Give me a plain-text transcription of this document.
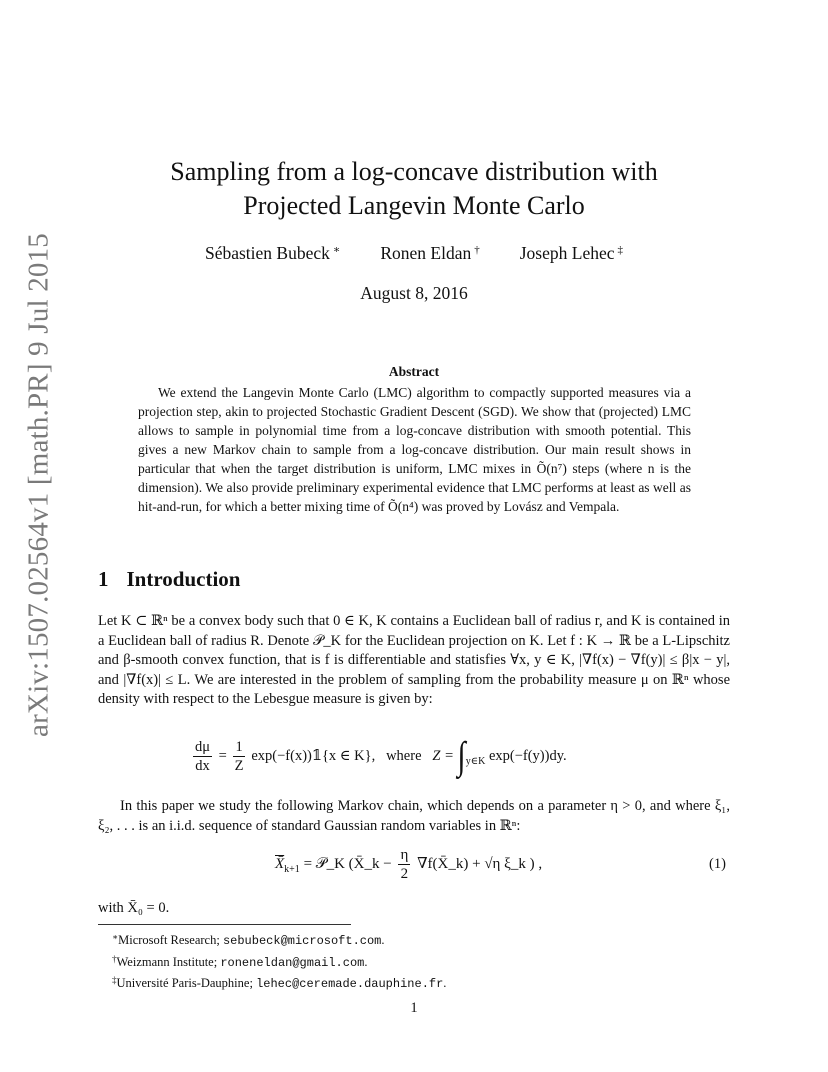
arXiv:1507.02564v1 [math.PR] 9 Jul 2015
Sampling from a log-concave distribution with
Projected Langevin Monte Carlo
Sébastien Bubeck ∗ Ronen Eldan † Joseph Lehec ‡
August 8, 2016
Abstract
We extend the Langevin Monte Carlo (LMC) algorithm to compactly supported measures via a projection step, akin to projected Stochastic Gradient Descent (SGD). We show that (projected) LMC allows to sample in polynomial time from a log-concave distribution with smooth potential. This gives a new Markov chain to sample from a log-concave distribution. Our main result shows in particular that when the target distribution is uniform, LMC mixes in Õ(n⁷) steps (where n is the dimension). We also provide preliminary experimental evidence that LMC performs at least as well as hit-and-run, for which a better mixing time of Õ(n⁴) was proved by Lovász and Vempala.
1 Introduction
Let K ⊂ ℝⁿ be a convex body such that 0 ∈ K, K contains a Euclidean ball of radius r, and K is contained in a Euclidean ball of radius R. Denote 𝒫_K for the Euclidean projection on K. Let f : K → ℝ be a L-Lipschitz and β-smooth convex function, that is f is differentiable and statisfies ∀x, y ∈ K, |∇f(x) − ∇f(y)| ≤ β|x − y|, and |∇f(x)| ≤ L. We are interested in the problem of sampling from the probability measure μ on ℝⁿ whose density with respect to the Lebesgue measure is given by:
$\frac{d\mu}{dx} = \frac{1}{Z}$ exp(−f(x))𝟙{x ∈ K}, where $Z = \int_{y\in K}$ exp(−f(y))dy.
In this paper we study the following Markov chain, which depends on a parameter η > 0, and where ξ₁, ξ₂, . . . is an i.i.d. sequence of standard Gaussian random variables in ℝⁿ:
$X̄_{k+1}$ = 𝒫_K (X̄_k − $\frac{\eta}{2}$ ∇f(X̄_k) + √η ξ_k ) ,	(1)
with X̄₀ = 0.
∗Microsoft Research; sebubeck@microsoft.com.
†Weizmann Institute; roneneldan@gmail.com.
‡Université Paris-Dauphine; lehec@ceremade.dauphine.fr.
1
